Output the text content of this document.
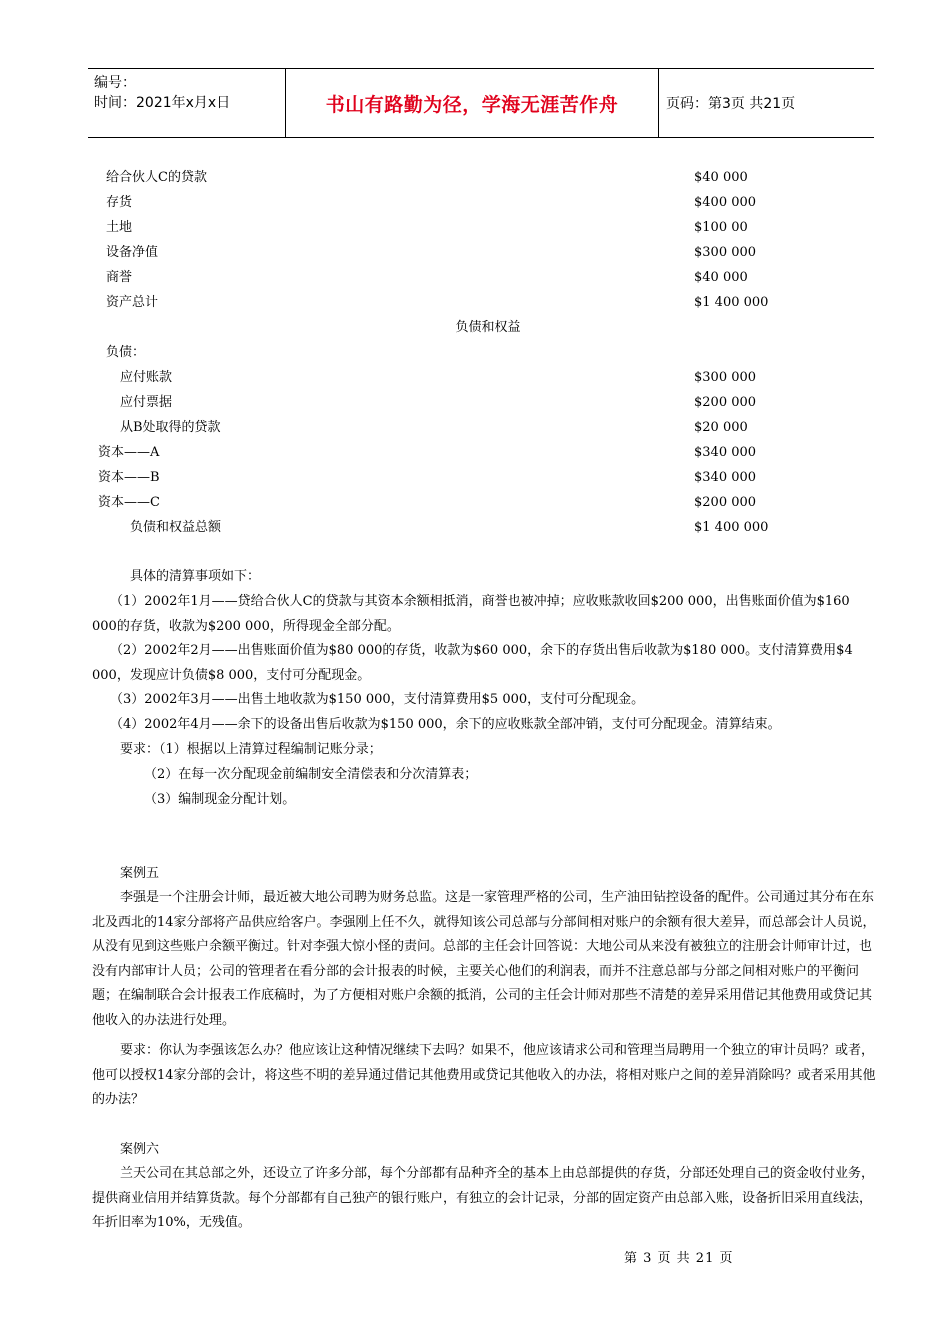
编号：
时间：2021年x月x日	书山有路勤为径，学海无涯苦作舟	页码：第3页 共21页
给合伙人C的贷款	$40 000
存货	$400 000
土地	$100 00
设备净值	$300 000
商誉	$40 000
资产总计	$1 400 000
负债和权益
负债：
应付账款	$300 000
应付票据	$200 000
从B处取得的贷款	$20 000
资本——A	$340 000
资本——B	$340 000
资本——C	$200 000
负债和权益总额	$1 400 000
具体的清算事项如下：
（1）2002年1月——贷给合伙人C的贷款与其资本余额相抵消，商誉也被冲掉；应收账款收回$200 000，出售账面价值为$160 000的存货，收款为$200 000，所得现金全部分配。
（2）2002年2月——出售账面价值为$80 000的存货，收款为$60 000，余下的存货出售后收款为$180 000。支付清算费用$4 000，发现应计负债$8 000，支付可分配现金。
（3）2002年3月——出售土地收款为$150 000，支付清算费用$5 000，支付可分配现金。
（4）2002年4月——余下的设备出售后收款为$150 000，余下的应收账款全部冲销，支付可分配现金。清算结束。
要求：（1）根据以上清算过程编制记账分录；
（2）在每一次分配现金前编制安全清偿表和分次清算表；
（3）编制现金分配计划。
案例五
李强是一个注册会计师，最近被大地公司聘为财务总监。这是一家管理严格的公司，生产油田钻控设备的配件。公司通过其分布在东北及西北的14家分部将产品供应给客户。李强刚上任不久，就得知该公司总部与分部间相对账户的余额有很大差异，而总部会计人员说，从没有见到这些账户余额平衡过。针对李强大惊小怪的责问。总部的主任会计回答说：大地公司从来没有被独立的注册会计师审计过，也没有内部审计人员；公司的管理者在看分部的会计报表的时候，主要关心他们的利润表，而并不注意总部与分部之间相对账户的平衡问题；在编制联合会计报表工作底稿时，为了方便相对账户余额的抵消，公司的主任会计师对那些不清楚的差异采用借记其他费用或贷记其他收入的办法进行处理。
要求：你认为李强该怎么办？他应该让这种情况继续下去吗？如果不，他应该请求公司和管理当局聘用一个独立的审计员吗？或者，他可以授权14家分部的会计，将这些不明的差异通过借记其他费用或贷记其他收入的办法，将相对账户之间的差异消除吗？或者采用其他的办法？
案例六
兰天公司在其总部之外，还设立了许多分部，每个分部都有品种齐全的基本上由总部提供的存货，分部还处理自己的资金收付业务，提供商业信用并结算货款。每个分部都有自己独产的银行账户，有独立的会计记录，分部的固定资产由总部入账，设备折旧采用直线法，年折旧率为10%，无残值。
第 3 页 共 21 页
